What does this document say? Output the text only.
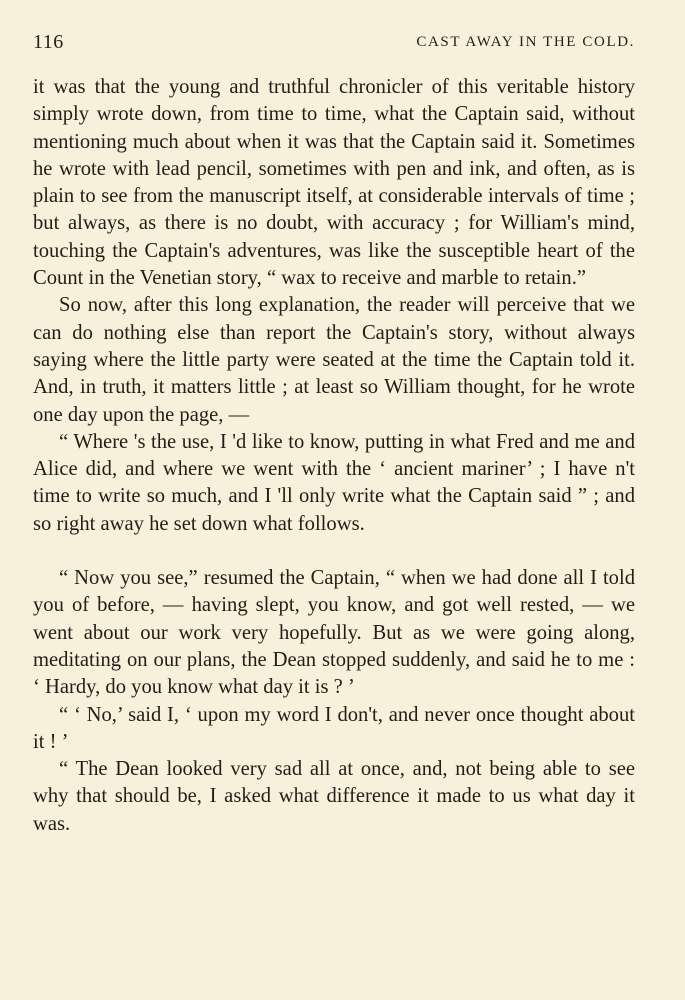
116	CAST AWAY IN THE COLD.

it was that the young and truthful chronicler of this veritable history simply wrote down, from time to time, what the Captain said, without mentioning much about when it was that the Captain said it. Sometimes he wrote with lead pencil, sometimes with pen and ink, and often, as is plain to see from the manuscript itself, at considerable intervals of time ; but always, as there is no doubt, with accuracy ; for William's mind, touching the Captain's adventures, was like the susceptible heart of the Count in the Venetian story, “ wax to receive and marble to retain.”

So now, after this long explanation, the reader will perceive that we can do nothing else than report the Captain's story, without always saying where the little party were seated at the time the Captain told it. And, in truth, it matters little ; at least so William thought, for he wrote one day upon the page, —

“ Where 's the use, I 'd like to know, putting in what Fred and me and Alice did, and where we went with the ‘ ancient mariner’ ; I have n't time to write so much, and I 'll only write what the Captain said ” ; and so right away he set down what follows.

“ Now you see,” resumed the Captain, “ when we had done all I told you of before, — having slept, you know, and got well rested, — we went about our work very hopefully. But as we were going along, meditating on our plans, the Dean stopped suddenly, and said he to me : ‘ Hardy, do you know what day it is ? ’

“ ‘ No,’ said I, ‘ upon my word I don't, and never once thought about it ! ’

“ The Dean looked very sad all at once, and, not being able to see why that should be, I asked what difference it made to us what day it was.
